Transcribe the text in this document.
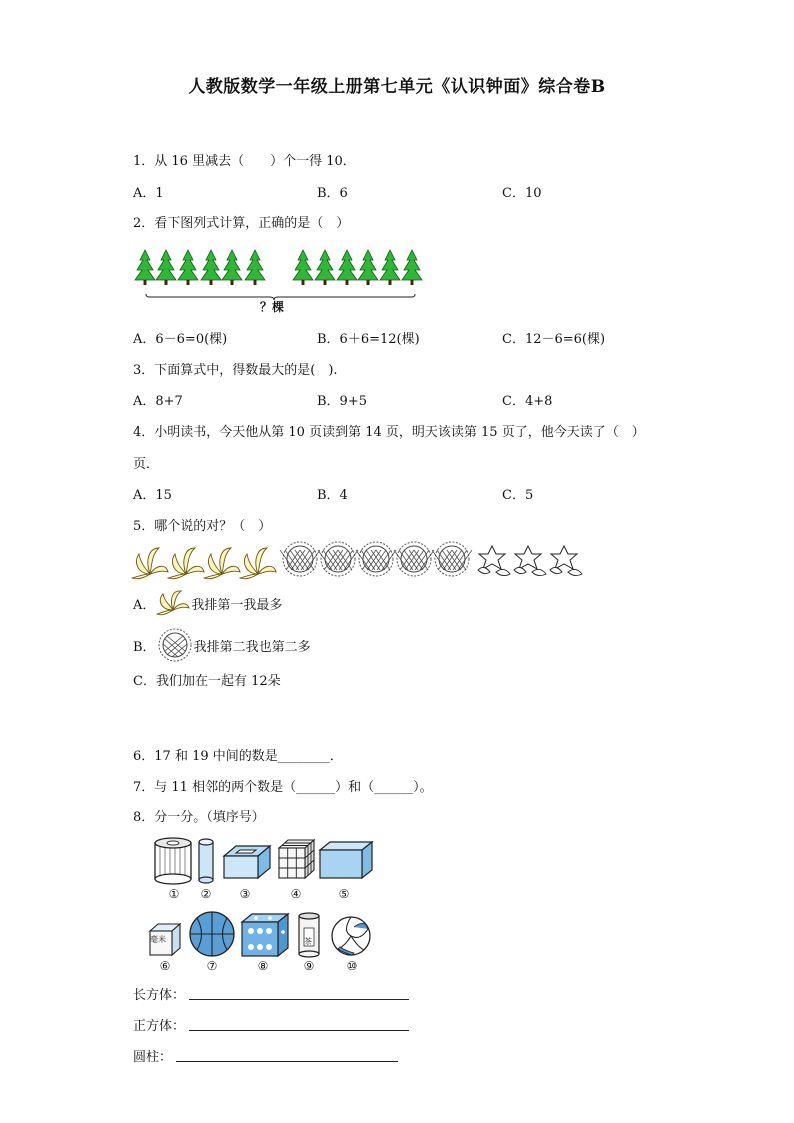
人教版数学一年级上册第七单元《认识钟面》综合卷B
1．从 16 里减去（　　）个一得 10．
A．1	B．6	C．10
2．看下图列式计算，正确的是（　）
？棵
A．6－6=0(棵)	B．6＋6=12(棵)	C．12－6=6(棵)
3．下面算式中，得数最大的是(　).
A．8+7	B．9+5	C．4+8
4．小明读书，今天他从第 10 页读到第 14 页，明天该读第 15 页了，他今天读了（　）
页．
A．15	B．4	C．5
5．哪个说的对？（　）
A．	我排第一我最多
B．	我排第二我也第二多
C．我们加在一起有 12朵
6．17 和 19 中间的数是________．
7．与 11 相邻的两个数是（______）和（______）。
8．分一分。（填序号）
①	②	③	④	⑤
毫米	茶
⑥	⑦	⑧	⑨	⑩
长方体：
正方体：
圆柱：
